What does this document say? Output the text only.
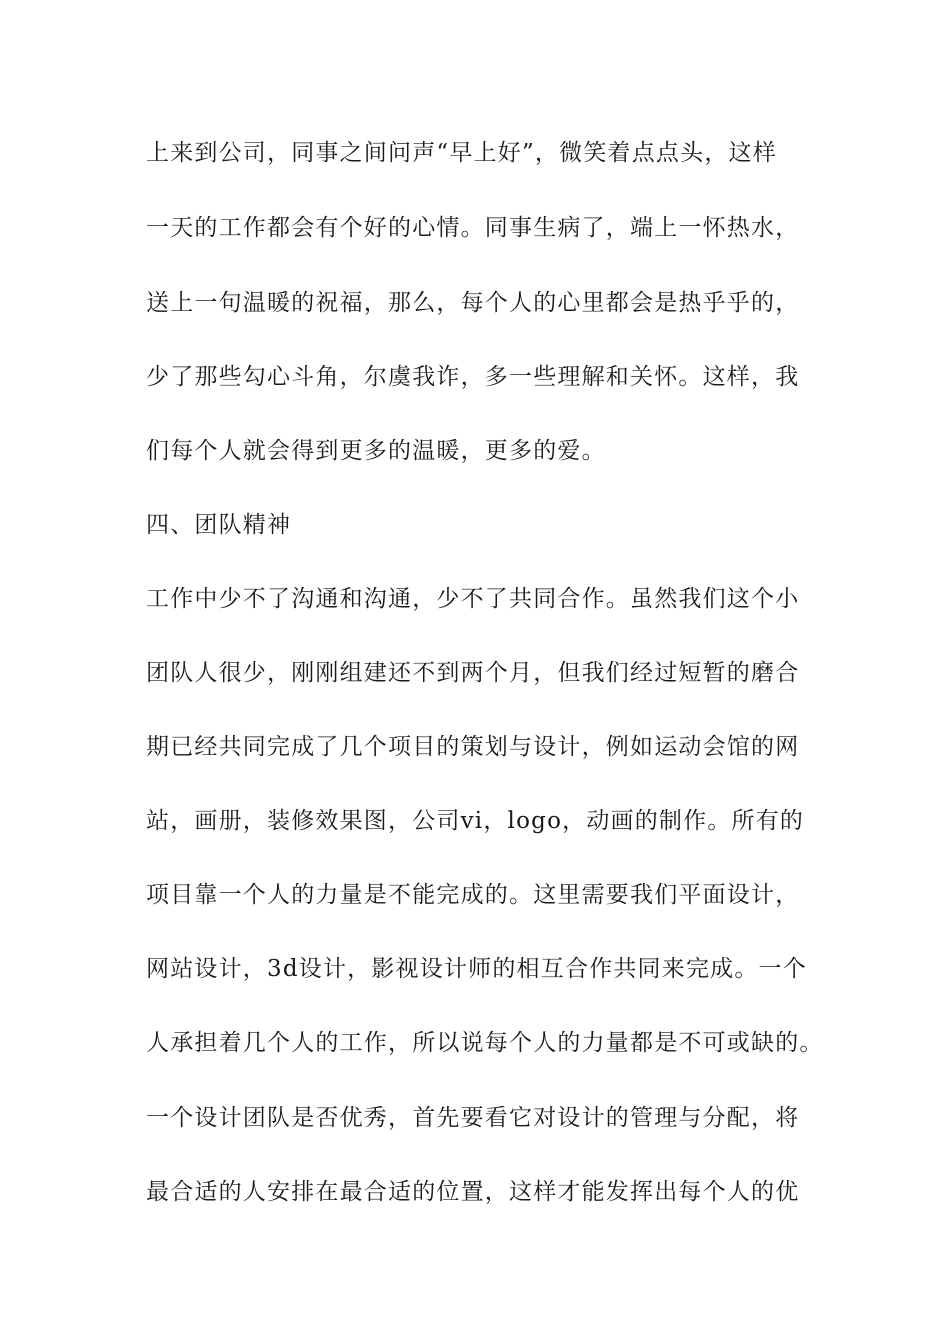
上来到公司，同事之间问声“早上好”，微笑着点点头，这样

一天的工作都会有个好的心情。同事生病了，端上一怀热水，

送上一句温暖的祝福，那么，每个人的心里都会是热乎乎的，

少了那些勾心斗角，尔虞我诈，多一些理解和关怀。这样，我

们每个人就会得到更多的温暖，更多的爱。

四、团队精神

工作中少不了沟通和沟通，少不了共同合作。虽然我们这个小

团队人很少，刚刚组建还不到两个月，但我们经过短暂的磨合

期已经共同完成了几个项目的策划与设计，例如运动会馆的网

站，画册，装修效果图，公司vi，logo，动画的制作。所有的

项目靠一个人的力量是不能完成的。这里需要我们平面设计，

网站设计，3d设计，影视设计师的相互合作共同来完成。一个

人承担着几个人的工作，所以说每个人的力量都是不可或缺的。

一个设计团队是否优秀，首先要看它对设计的管理与分配，将

最合适的人安排在最合适的位置，这样才能发挥出每个人的优
